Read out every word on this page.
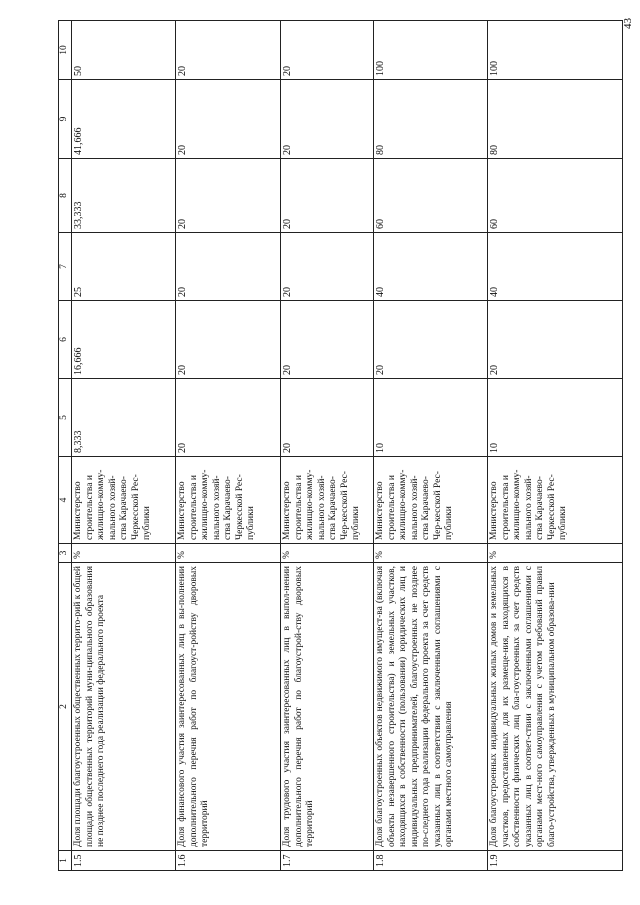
43
1	2	3	4	5	6	7	8	9	10
1.5	Доля площади благоустроенных общественных террито-рий к общей площади общественных территорий муни-ципального образования не позднее последнего года реализации федерального проекта	%	Министерство строительства и жилищно-комму-нального хозяй-ства Карачаево-Черкесской Рес-публики	8,333	16,666	25	33,333	41,666	50
1.6	Доля финансового участия заинтересованных лиц в вы-полнении дополнительного перечня работ по благоуст-ройству дворовых территорий	%	Министерство строительства и жилищно-комму-нального хозяй-ства Карачаево-Черкесской Рес-публики	20	20	20	20	20	20
1.7	Доля трудового участия заинтересованных лиц в выпол-нении дополнительного перечня работ по благоустрой-ству дворовых территорий	%	Министерство строительства и жилищно-комму-нального хозяй-ства Карачаево-Чер-кесской Рес-публики	20	20	20	20	20	20
1.8	Доля благоустроенных объектов недвижимого имущест-ва (включая объекты незавершенного строительства) и земельных участков, находящихся в собственности (пользовании) юридических лиц и индивидуальных предпринимателей, благоустроенных не позднее по-следнего года реализации федерального проекта за счет средств указанных лиц в соответствии с заключенными соглашениями с органами местного самоуправления	%	Министерство строительства и жилищно-комму-нального хозяй-ства Карачаево-Чер-кесской Рес-публики	10	20	40	60	80	100
1.9	Доля благоустроенных индивидуальных жилых домов и земельных участков, предоставленных для их размеще-ния, находящихся в собственности физических лиц бла-гоустроенных за счет средств указанных лиц в соответ-ствии с заключенными соглашениями с органами мест-ного самоуправления с учетом требований правил благо-устройства, утвержденных в муниципальном образова-нии	%	Министерство строительства и жилищно-комму-нального хозяй-ства Карачаево-Черкесской Рес-публики	10	20	40	60	80	100
